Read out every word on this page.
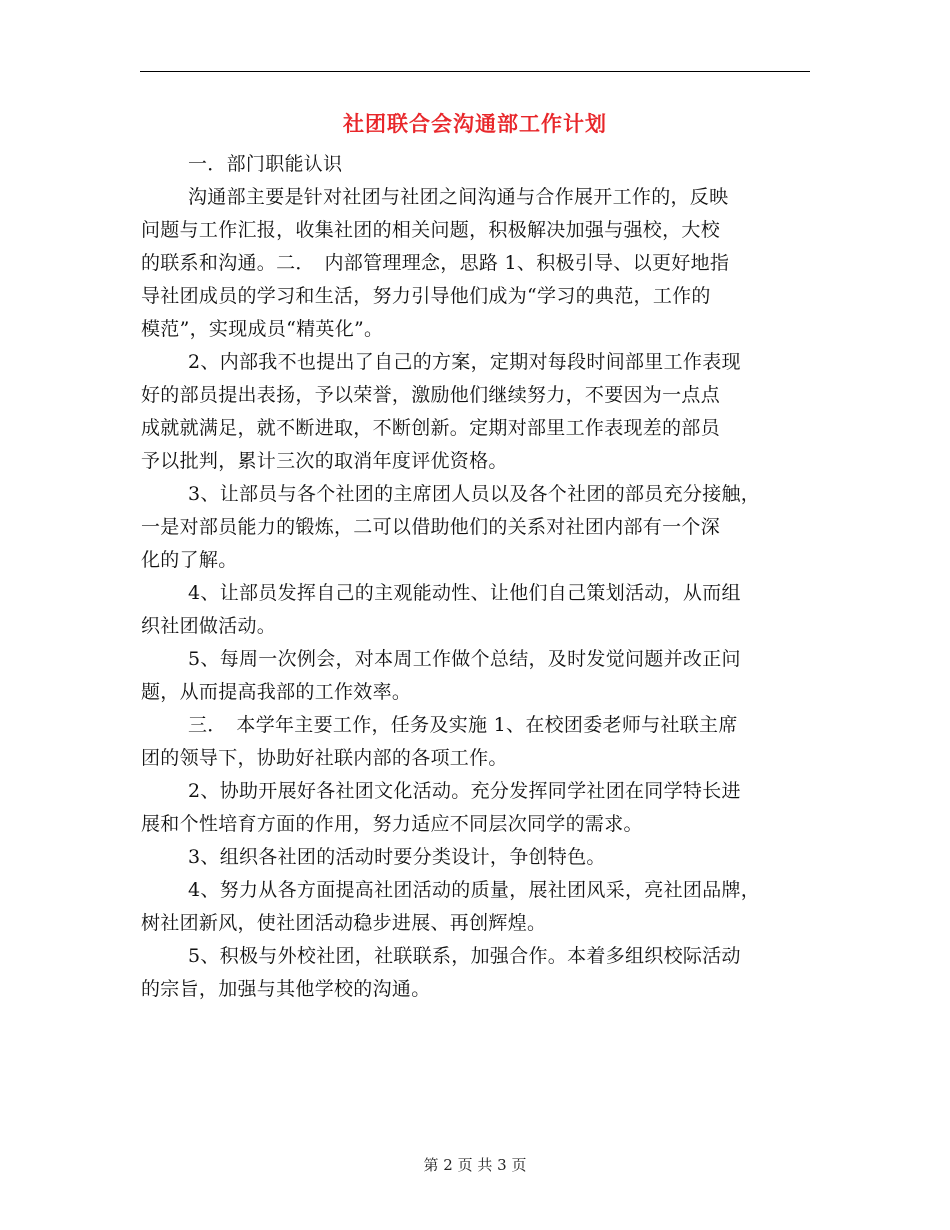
社团联合会沟通部工作计划
一．部门职能认识
沟通部主要是针对社团与社团之间沟通与合作展开工作的，反映
问题与工作汇报，收集社团的相关问题，积极解决加强与强校，大校
的联系和沟通。二．　内部管理理念，思路 1、积极引导、以更好地指
导社团成员的学习和生活，努力引导他们成为“学习的典范，工作的
模范”，实现成员“精英化”。
2、内部我不也提出了自己的方案，定期对每段时间部里工作表现
好的部员提出表扬，予以荣誉，激励他们继续努力，不要因为一点点
成就就满足，就不断进取，不断创新。定期对部里工作表现差的部员
予以批判，累计三次的取消年度评优资格。
3、让部员与各个社团的主席团人员以及各个社团的部员充分接触，
一是对部员能力的锻炼，二可以借助他们的关系对社团内部有一个深
化的了解。
4、让部员发挥自己的主观能动性、让他们自己策划活动，从而组
织社团做活动。
5、每周一次例会，对本周工作做个总结，及时发觉问题并改正问
题，从而提高我部的工作效率。
三．　本学年主要工作，任务及实施 1、在校团委老师与社联主席
团的领导下，协助好社联内部的各项工作。
2、协助开展好各社团文化活动。充分发挥同学社团在同学特长进
展和个性培育方面的作用，努力适应不同层次同学的需求。
3、组织各社团的活动时要分类设计，争创特色。
4、努力从各方面提高社团活动的质量，展社团风采，亮社团品牌，
树社团新风，使社团活动稳步进展、再创辉煌。
5、积极与外校社团，社联联系，加强合作。本着多组织校际活动
的宗旨，加强与其他学校的沟通。
第 2 页 共 3 页
